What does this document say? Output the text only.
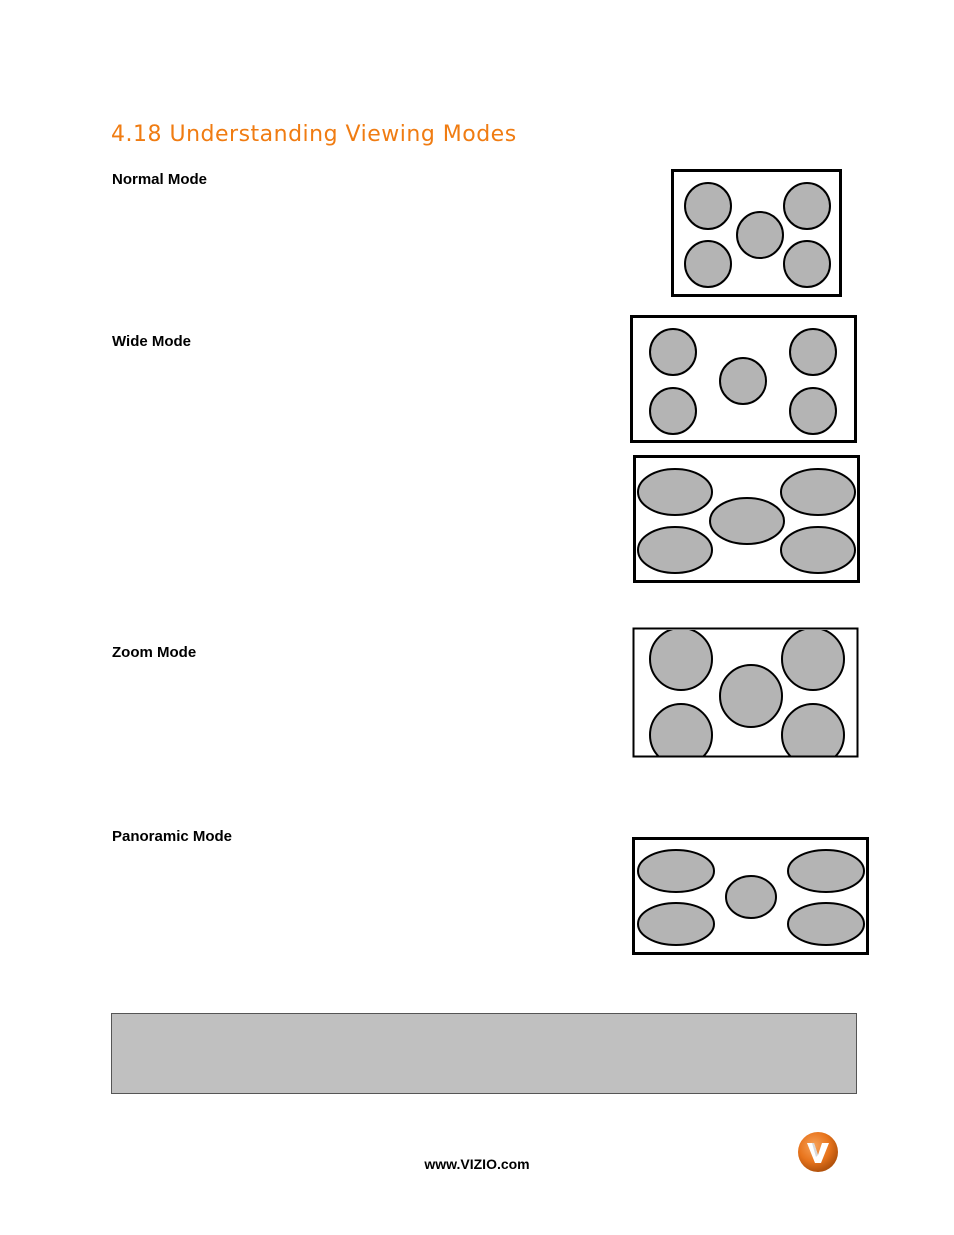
4.18 Understanding Viewing Modes

Normal Mode

Wide Mode

Zoom Mode

Panoramic Mode

www.VIZIO.com
